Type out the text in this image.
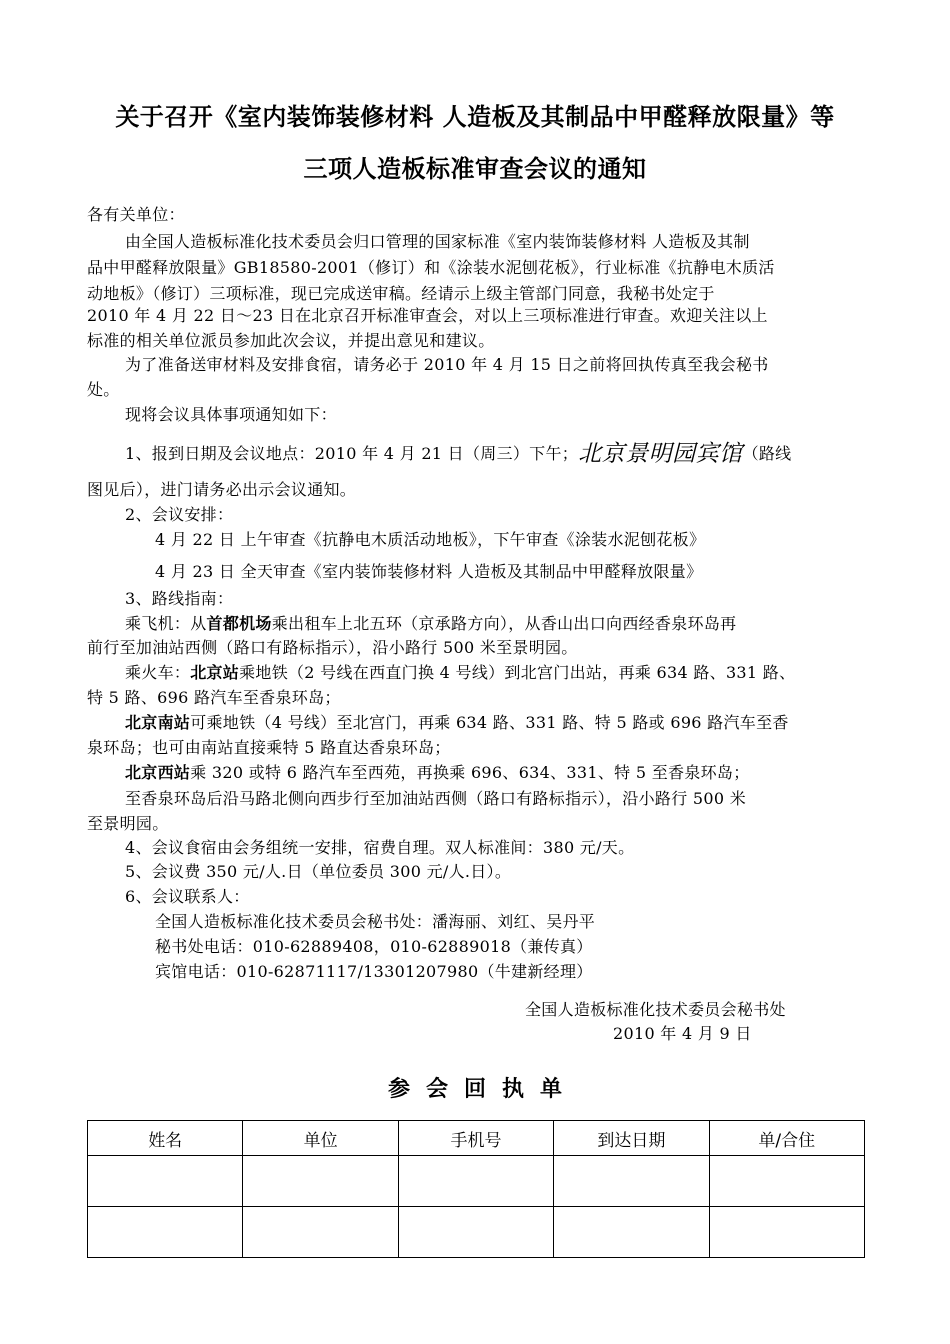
关于召开《室内装饰装修材料 人造板及其制品中甲醛释放限量》等
三项人造板标准审查会议的通知
各有关单位：
由全国人造板标准化技术委员会归口管理的国家标准《室内装饰装修材料 人造板及其制
品中甲醛释放限量》GB18580-2001（修订）和《涂装水泥刨花板》，行业标准《抗静电木质活
动地板》（修订）三项标准，现已完成送审稿。经请示上级主管部门同意，我秘书处定于
2010 年 4 月 22 日～23 日在北京召开标准审查会，对以上三项标准进行审查。欢迎关注以上
标准的相关单位派员参加此次会议，并提出意见和建议。
为了准备送审材料及安排食宿，请务必于 2010 年 4 月 15 日之前将回执传真至我会秘书
处。
现将会议具体事项通知如下：
1、报到日期及会议地点：2010 年 4 月 21 日（周三）下午；北京景明园宾馆（路线
图见后），进门请务必出示会议通知。
2、会议安排：
4 月 22 日 上午审查《抗静电木质活动地板》，下午审查《涂装水泥刨花板》
4 月 23 日 全天审查《室内装饰装修材料 人造板及其制品中甲醛释放限量》
3、路线指南：
乘飞机：从首都机场乘出租车上北五环（京承路方向），从香山出口向西经香泉环岛再
前行至加油站西侧（路口有路标指示），沿小路行 500 米至景明园。
乘火车：北京站乘地铁（2 号线在西直门换 4 号线）到北宫门出站，再乘 634 路、331 路、
特 5 路、696 路汽车至香泉环岛；
北京南站可乘地铁（4 号线）至北宫门，再乘 634 路、331 路、特 5 路或 696 路汽车至香
泉环岛；也可由南站直接乘特 5 路直达香泉环岛；
北京西站乘 320 或特 6 路汽车至西苑，再换乘 696、634、331、特 5 至香泉环岛；
至香泉环岛后沿马路北侧向西步行至加油站西侧（路口有路标指示），沿小路行 500 米
至景明园。
4、会议食宿由会务组统一安排，宿费自理。双人标准间：380 元/天。
5、会议费 350 元/人.日（单位委员 300 元/人.日）。
6、会议联系人：
全国人造板标准化技术委员会秘书处：潘海丽、刘红、吴丹平
秘书处电话：010-62889408，010-62889018（兼传真）
宾馆电话：010-62871117/13301207980（牛建新经理）
全国人造板标准化技术委员会秘书处
2010 年 4 月 9 日
参会回执单
姓名	单位	手机号	到达日期	单/合住
